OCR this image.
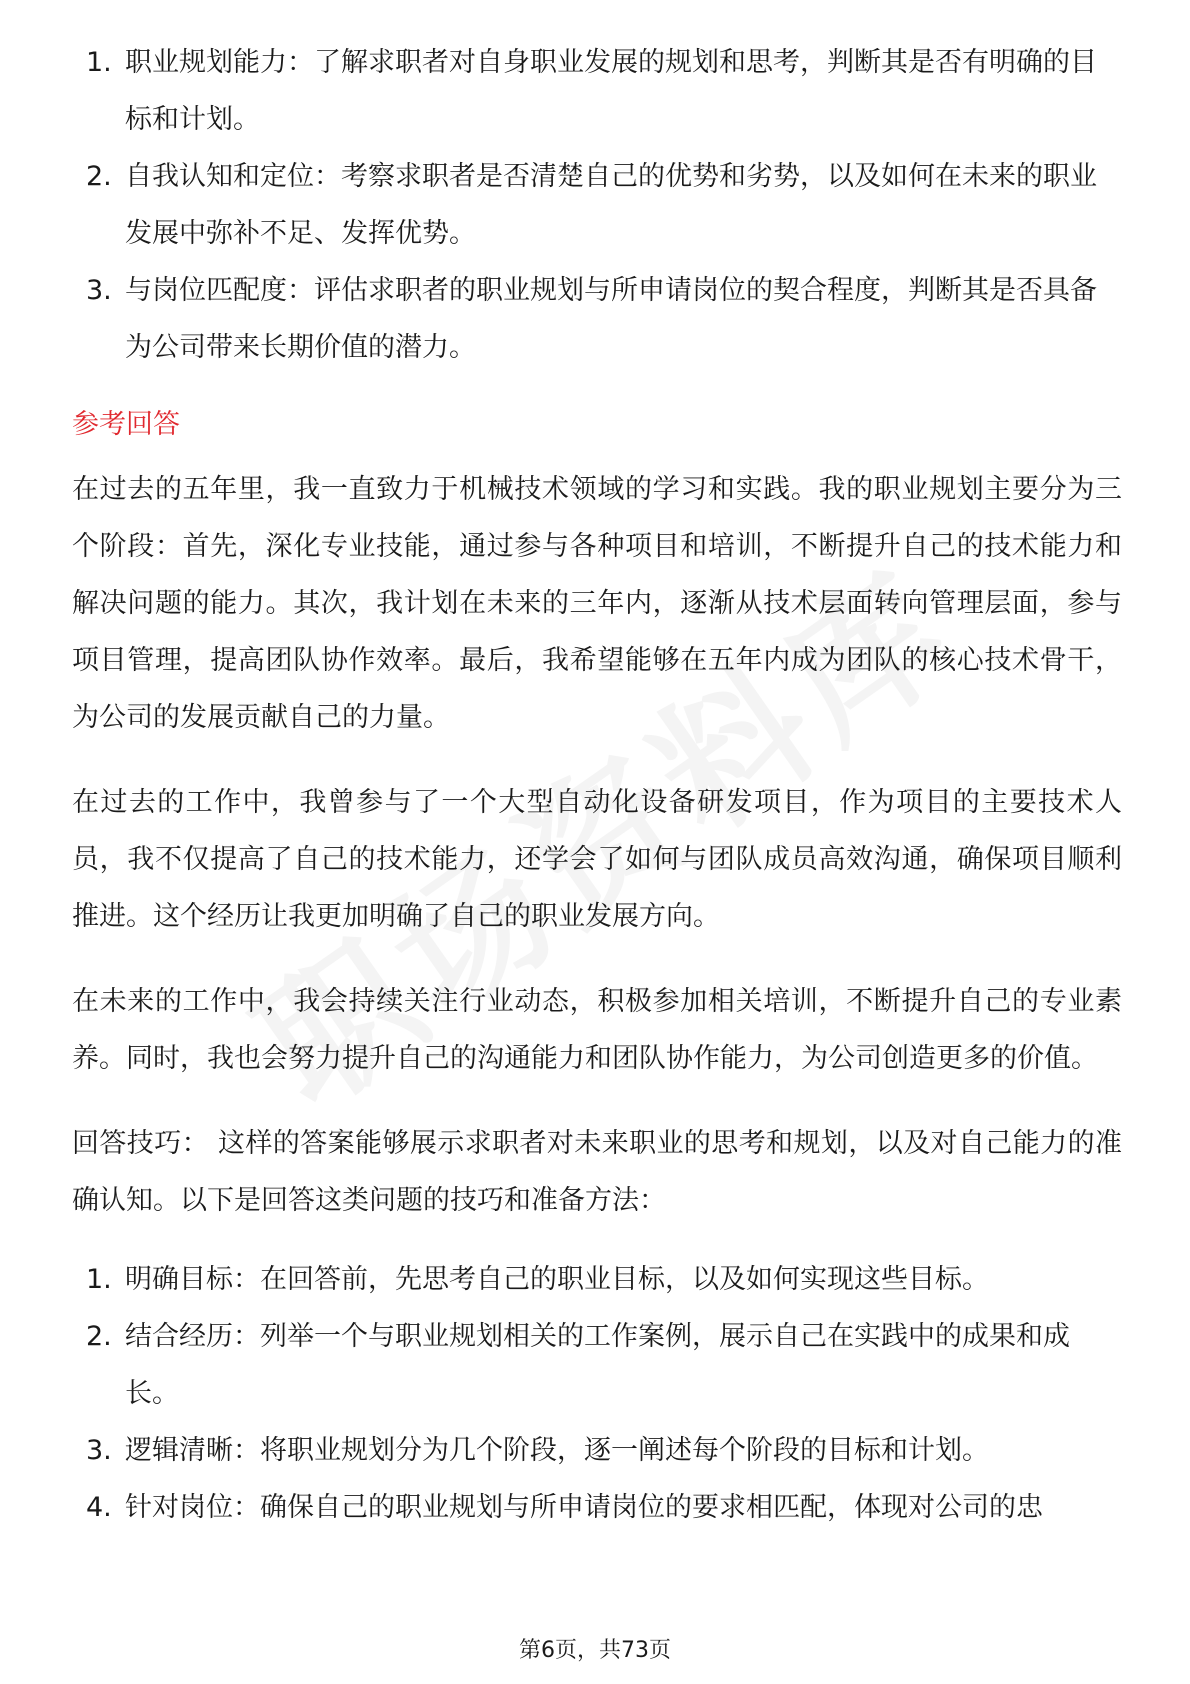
1. 职业规划能力：了解求职者对自身职业发展的规划和思考，判断其是否有明确的目标和计划。
2. 自我认知和定位：考察求职者是否清楚自己的优势和劣势，以及如何在未来的职业发展中弥补不足、发挥优势。
3. 与岗位匹配度：评估求职者的职业规划与所申请岗位的契合程度，判断其是否具备为公司带来长期价值的潜力。
参考回答

在过去的五年里，我一直致力于机械技术领域的学习和实践。我的职业规划主要分为三个阶段：首先，深化专业技能，通过参与各种项目和培训，不断提升自己的技术能力和解决问题的能力。其次，我计划在未来的三年内，逐渐从技术层面转向管理层面，参与项目管理，提高团队协作效率。最后，我希望能够在五年内成为团队的核心技术骨干，为公司的发展贡献自己的力量。

在过去的工作中，我曾参与了一个大型自动化设备研发项目，作为项目的主要技术人员，我不仅提高了自己的技术能力，还学会了如何与团队成员高效沟通，确保项目顺利推进。这个经历让我更加明确了自己的职业发展方向。

在未来的工作中，我会持续关注行业动态，积极参加相关培训，不断提升自己的专业素养。同时，我也会努力提升自己的沟通能力和团队协作能力，为公司创造更多的价值。

回答技巧： 这样的答案能够展示求职者对未来职业的思考和规划，以及对自己能力的准确认知。以下是回答这类问题的技巧和准备方法：

1. 明确目标：在回答前，先思考自己的职业目标，以及如何实现这些目标。
2. 结合经历：列举一个与职业规划相关的工作案例，展示自己在实践中的成果和成长。
3. 逻辑清晰：将职业规划分为几个阶段，逐一阐述每个阶段的目标和计划。
4. 针对岗位：确保自己的职业规划与所申请岗位的要求相匹配，体现对公司的忠
第6页，共73页
